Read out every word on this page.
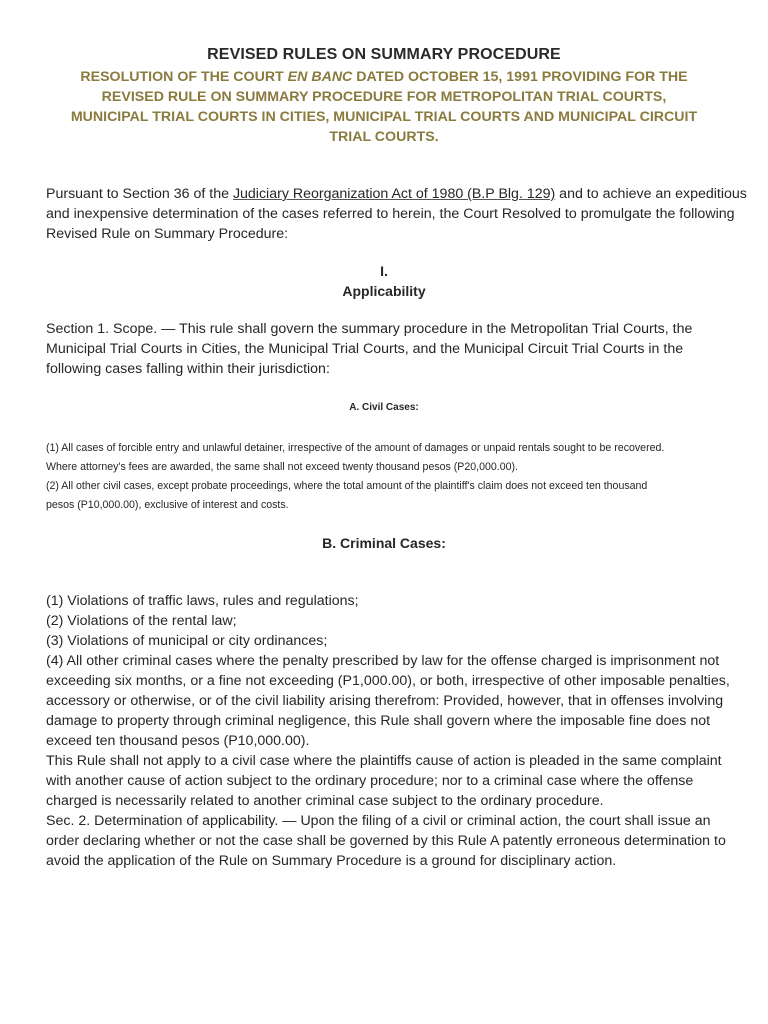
REVISED RULES ON SUMMARY PROCEDURE
RESOLUTION OF THE COURT EN BANC DATED OCTOBER 15, 1991 PROVIDING FOR THE
REVISED RULE ON SUMMARY PROCEDURE FOR METROPOLITAN TRIAL COURTS,
MUNICIPAL TRIAL COURTS IN CITIES, MUNICIPAL TRIAL COURTS AND MUNICIPAL CIRCUIT
TRIAL COURTS.
Pursuant to Section 36 of the Judiciary Reorganization Act of 1980 (B.P Blg. 129) and to achieve an expeditious
and inexpensive determination of the cases referred to herein, the Court Resolved to promulgate the following
Revised Rule on Summary Procedure:
I.
Applicability
Section 1. Scope. — This rule shall govern the summary procedure in the Metropolitan Trial Courts, the
Municipal Trial Courts in Cities, the Municipal Trial Courts, and the Municipal Circuit Trial Courts in the
following cases falling within their jurisdiction:
A. Civil Cases:
(1) All cases of forcible entry and unlawful detainer, irrespective of the amount of damages or unpaid rentals sought to be recovered.
Where attorney's fees are awarded, the same shall not exceed twenty thousand pesos (P20,000.00).
(2) All other civil cases, except probate proceedings, where the total amount of the plaintiff's claim does not exceed ten thousand
pesos (P10,000.00), exclusive of interest and costs.
B. Criminal Cases:
(1) Violations of traffic laws, rules and regulations;
(2) Violations of the rental law;
(3) Violations of municipal or city ordinances;
(4) All other criminal cases where the penalty prescribed by law for the offense charged is imprisonment not
exceeding six months, or a fine not exceeding (P1,000.00), or both, irrespective of other imposable penalties,
accessory or otherwise, or of the civil liability arising therefrom: Provided, however, that in offenses involving
damage to property through criminal negligence, this Rule shall govern where the imposable fine does not
exceed ten thousand pesos (P10,000.00).
This Rule shall not apply to a civil case where the plaintiffs cause of action is pleaded in the same complaint
with another cause of action subject to the ordinary procedure; nor to a criminal case where the offense
charged is necessarily related to another criminal case subject to the ordinary procedure.
Sec. 2. Determination of applicability. — Upon the filing of a civil or criminal action, the court shall issue an
order declaring whether or not the case shall be governed by this Rule A patently erroneous determination to
avoid the application of the Rule on Summary Procedure is a ground for disciplinary action.
